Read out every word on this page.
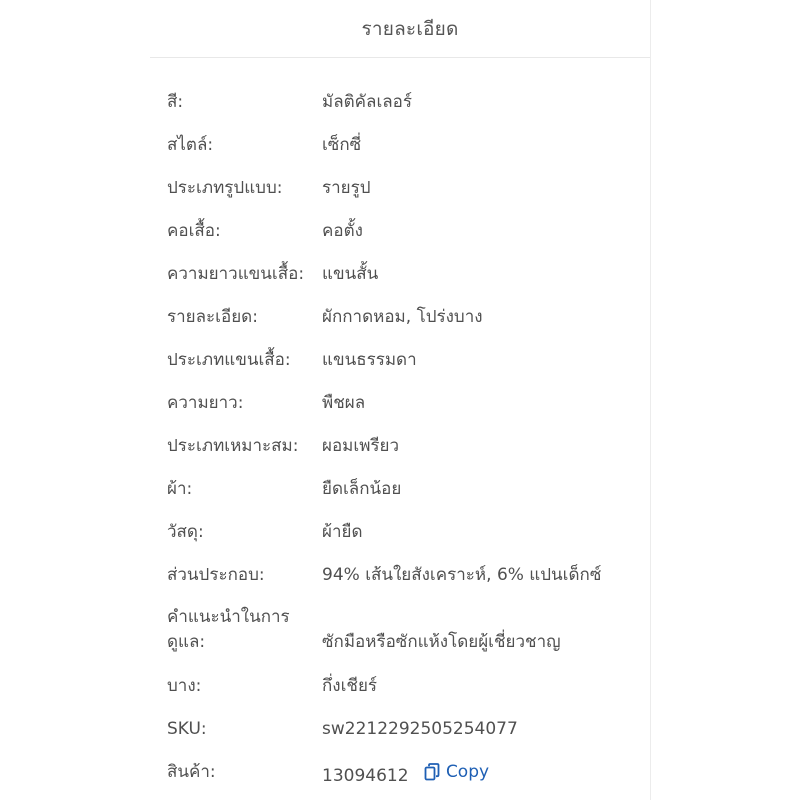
รายละเอียด
สี:	มัลติคัลเลอร์
สไตล์:	เซ็กซี่
ประเภทรูปแบบ:	รายรูป
คอเสื้อ:	คอตั้ง
ความยาวแขนเสื้อ:	แขนสั้น
รายละเอียด:	ผักกาดหอม, โปร่งบาง
ประเภทแขนเสื้อ:	แขนธรรมดา
ความยาว:	พืชผล
ประเภทเหมาะสม:	ผอมเพรียว
ผ้า:	ยืดเล็กน้อย
วัสดุ:	ผ้ายืด
ส่วนประกอบ:	94% เส้นใยสังเคราะห์, 6% แปนเด็กซ์
คำแนะนำในการดูแล:	ซักมือหรือซักแห้งโดยผู้เชี่ยวชาญ
บาง:	กึ่งเชียร์
SKU:	sw2212292505254077
สินค้า:	13094612 Copy
